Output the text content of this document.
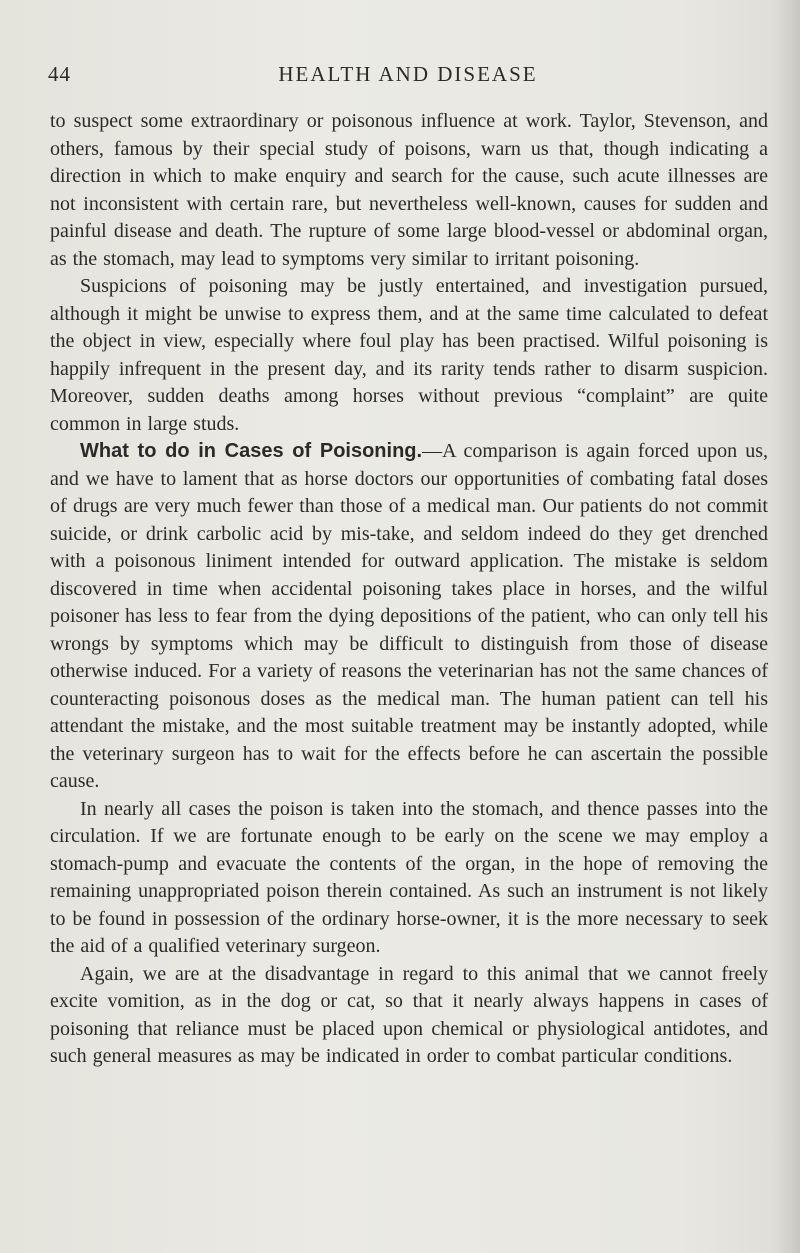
44	HEALTH AND DISEASE

to suspect some extraordinary or poisonous influence at work. Taylor, Stevenson, and others, famous by their special study of poisons, warn us that, though indicating a direction in which to make enquiry and search for the cause, such acute illnesses are not inconsistent with certain rare, but nevertheless well-known, causes for sudden and painful disease and death. The rupture of some large blood-vessel or abdominal organ, as the stomach, may lead to symptoms very similar to irritant poisoning.

Suspicions of poisoning may be justly entertained, and investigation pursued, although it might be unwise to express them, and at the same time calculated to defeat the object in view, especially where foul play has been practised. Wilful poisoning is happily infrequent in the present day, and its rarity tends rather to disarm suspicion. Moreover, sudden deaths among horses without previous “complaint” are quite common in large studs.

What to do in Cases of Poisoning.—A comparison is again forced upon us, and we have to lament that as horse doctors our opportunities of combating fatal doses of drugs are very much fewer than those of a medical man. Our patients do not commit suicide, or drink carbolic acid by mis-take, and seldom indeed do they get drenched with a poisonous liniment intended for outward application. The mistake is seldom discovered in time when accidental poisoning takes place in horses, and the wilful poisoner has less to fear from the dying depositions of the patient, who can only tell his wrongs by symptoms which may be difficult to distinguish from those of disease otherwise induced. For a variety of reasons the veterinarian has not the same chances of counteracting poisonous doses as the medical man. The human patient can tell his attendant the mistake, and the most suitable treatment may be instantly adopted, while the veterinary surgeon has to wait for the effects before he can ascertain the possible cause.

In nearly all cases the poison is taken into the stomach, and thence passes into the circulation. If we are fortunate enough to be early on the scene we may employ a stomach-pump and evacuate the contents of the organ, in the hope of removing the remaining unappropriated poison therein contained. As such an instrument is not likely to be found in possession of the ordinary horse-owner, it is the more necessary to seek the aid of a qualified veterinary surgeon.

Again, we are at the disadvantage in regard to this animal that we cannot freely excite vomition, as in the dog or cat, so that it nearly always happens in cases of poisoning that reliance must be placed upon chemical or physiological antidotes, and such general measures as may be indicated in order to combat particular conditions.
